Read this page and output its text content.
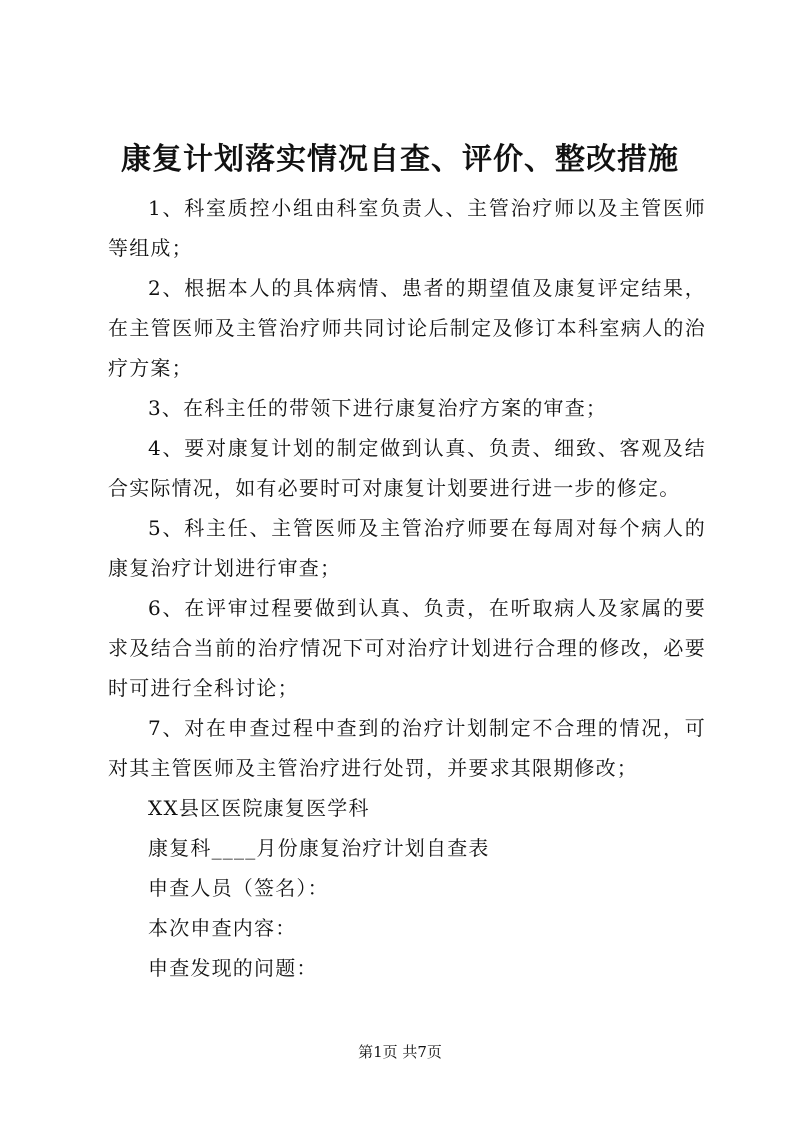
康复计划落实情况自查、评价、整改措施

1、科室质控小组由科室负责人、主管治疗师以及主管医师等组成；

2、根据本人的具体病情、患者的期望值及康复评定结果，在主管医师及主管治疗师共同讨论后制定及修订本科室病人的治疗方案；

3、在科主任的带领下进行康复治疗方案的审查；

4、要对康复计划的制定做到认真、负责、细致、客观及结合实际情况，如有必要时可对康复计划要进行进一步的修定。

5、科主任、主管医师及主管治疗师要在每周对每个病人的康复治疗计划进行审查；

6、在评审过程要做到认真、负责，在听取病人及家属的要求及结合当前的治疗情况下可对治疗计划进行合理的修改，必要时可进行全科讨论；

7、对在申查过程中查到的治疗计划制定不合理的情况，可对其主管医师及主管治疗进行处罚，并要求其限期修改；

XX县区医院康复医学科

康复科____月份康复治疗计划自查表

申查人员（签名）：

本次申查内容：

申查发现的问题：

第1页 共7页
